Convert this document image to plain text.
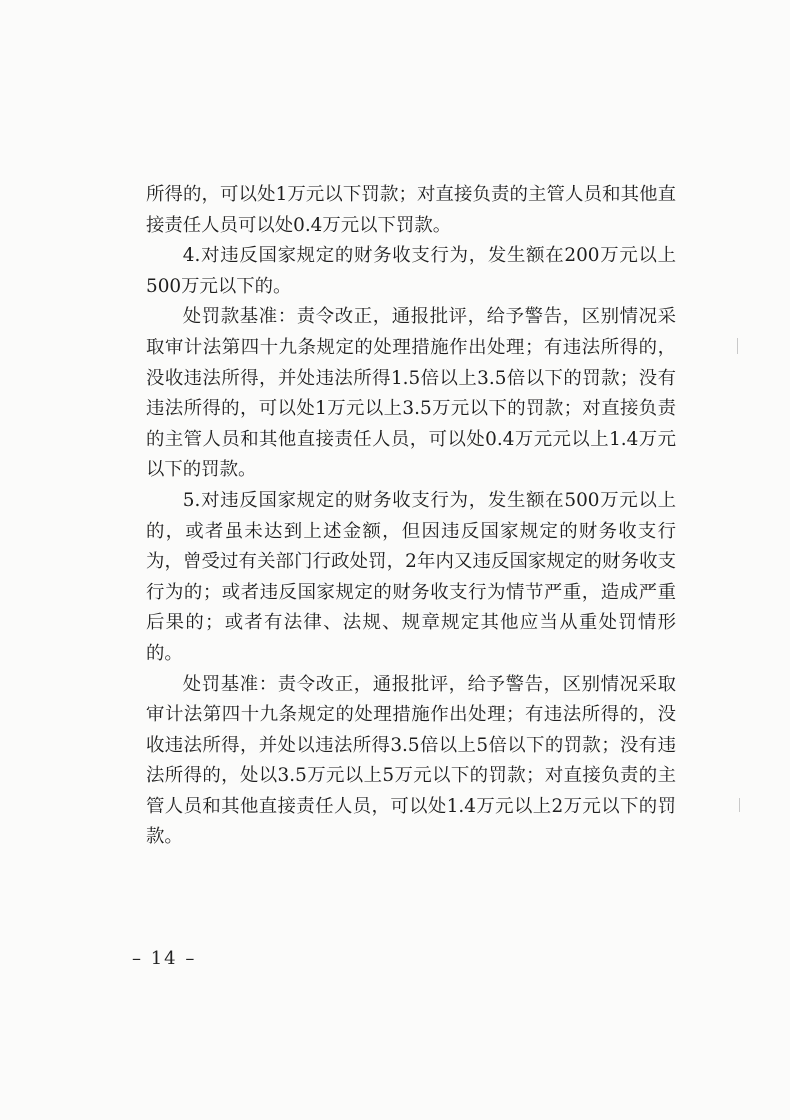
所得的，可以处1万元以下罚款；对直接负责的主管人员和其他直接责任人员可以处0.4万元以下罚款。

4.对违反国家规定的财务收支行为，发生额在200万元以上500万元以下的。

处罚款基准：责令改正，通报批评，给予警告，区别情况采取审计法第四十九条规定的处理措施作出处理；有违法所得的，没收违法所得，并处违法所得1.5倍以上3.5倍以下的罚款；没有违法所得的，可以处1万元以上3.5万元以下的罚款；对直接负责的主管人员和其他直接责任人员，可以处0.4万元元以上1.4万元以下的罚款。

5.对违反国家规定的财务收支行为，发生额在500万元以上的，或者虽未达到上述金额，但因违反国家规定的财务收支行为，曾受过有关部门行政处罚，2年内又违反国家规定的财务收支行为的；或者违反国家规定的财务收支行为情节严重，造成严重后果的；或者有法律、法规、规章规定其他应当从重处罚情形的。

处罚基准：责令改正，通报批评，给予警告，区别情况采取审计法第四十九条规定的处理措施作出处理；有违法所得的，没收违法所得，并处以违法所得3.5倍以上5倍以下的罚款；没有违法所得的，处以3.5万元以上5万元以下的罚款；对直接负责的主管人员和其他直接责任人员，可以处1.4万元以上2万元以下的罚款。

– 14 –
